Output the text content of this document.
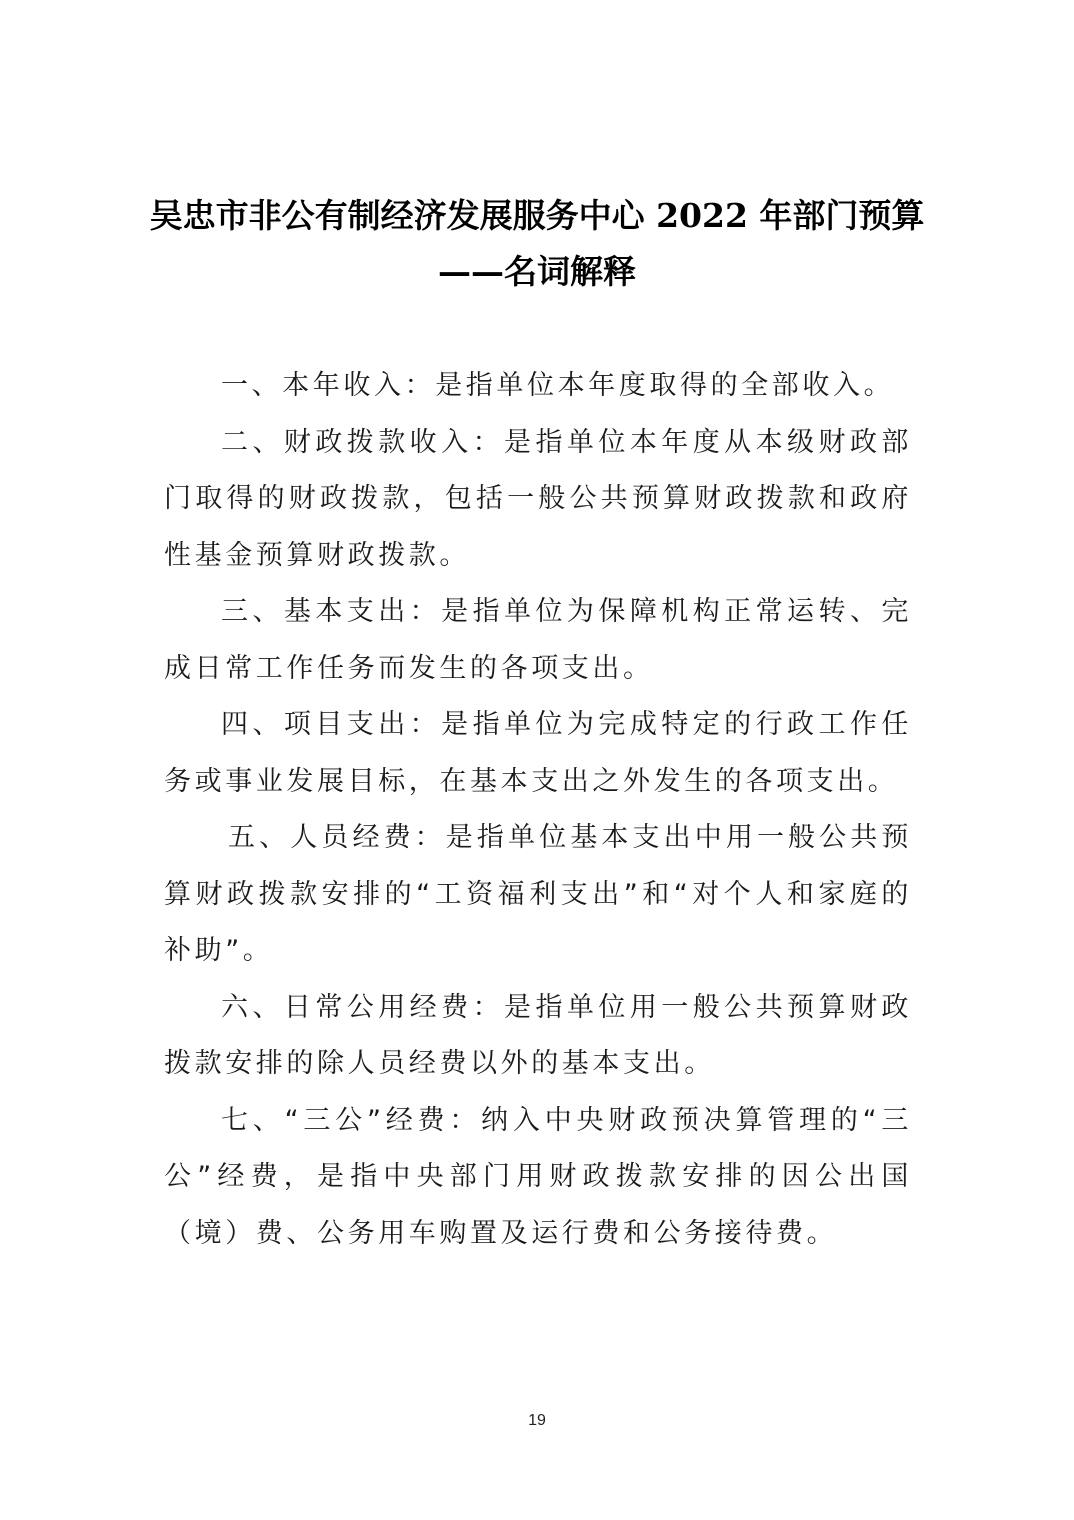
吴忠市非公有制经济发展服务中心 2022 年部门预算
——名词解释

一、本年收入：是指单位本年度取得的全部收入。

二、财政拨款收入：是指单位本年度从本级财政部门取得的财政拨款，包括一般公共预算财政拨款和政府性基金预算财政拨款。

三、基本支出：是指单位为保障机构正常运转、完成日常工作任务而发生的各项支出。

四、项目支出：是指单位为完成特定的行政工作任务或事业发展目标，在基本支出之外发生的各项支出。

五、人员经费：是指单位基本支出中用一般公共预算财政拨款安排的“工资福利支出”和“对个人和家庭的补助”。

六、日常公用经费：是指单位用一般公共预算财政拨款安排的除人员经费以外的基本支出。

七、“三公”经费：纳入中央财政预决算管理的“三公”经费，是指中央部门用财政拨款安排的因公出国（境）费、公务用车购置及运行费和公务接待费。

19
